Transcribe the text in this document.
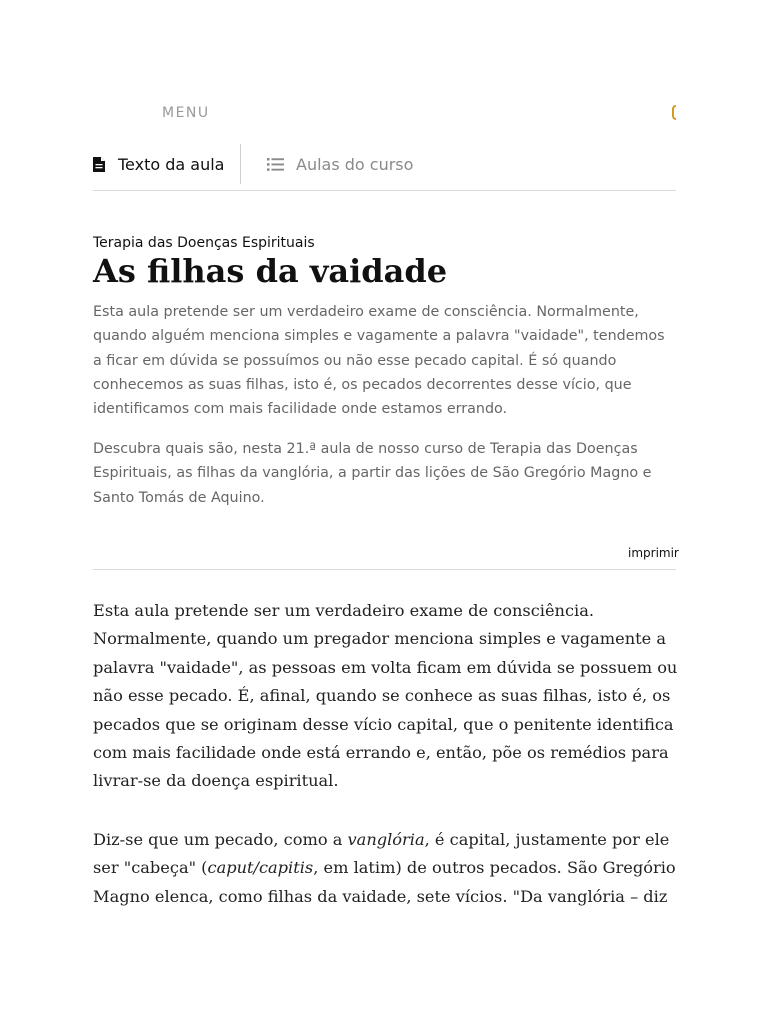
MENU
Texto da aula	Aulas do curso
Terapia das Doenças Espirituais
As filhas da vaidade

Esta aula pretende ser um verdadeiro exame de consciência. Normalmente, quando alguém menciona simples e vagamente a palavra "vaidade", tendemos a ficar em dúvida se possuímos ou não esse pecado capital. É só quando conhecemos as suas filhas, isto é, os pecados decorrentes desse vício, que identificamos com mais facilidade onde estamos errando.

Descubra quais são, nesta 21.ª aula de nosso curso de Terapia das Doenças Espirituais, as filhas da vanglória, a partir das lições de São Gregório Magno e Santo Tomás de Aquino.

imprimir

Esta aula pretende ser um verdadeiro exame de consciência. Normalmente, quando um pregador menciona simples e vagamente a palavra "vaidade", as pessoas em volta ficam em dúvida se possuem ou não esse pecado. É, afinal, quando se conhece as suas filhas, isto é, os pecados que se originam desse vício capital, que o penitente identifica com mais facilidade onde está errando e, então, põe os remédios para livrar-se da doença espiritual.

Diz-se que um pecado, como a vanglória, é capital, justamente por ele ser "cabeça" (caput/capitis, em latim) de outros pecados. São Gregório Magno elenca, como filhas da vaidade, sete vícios. "Da vanglória – diz
